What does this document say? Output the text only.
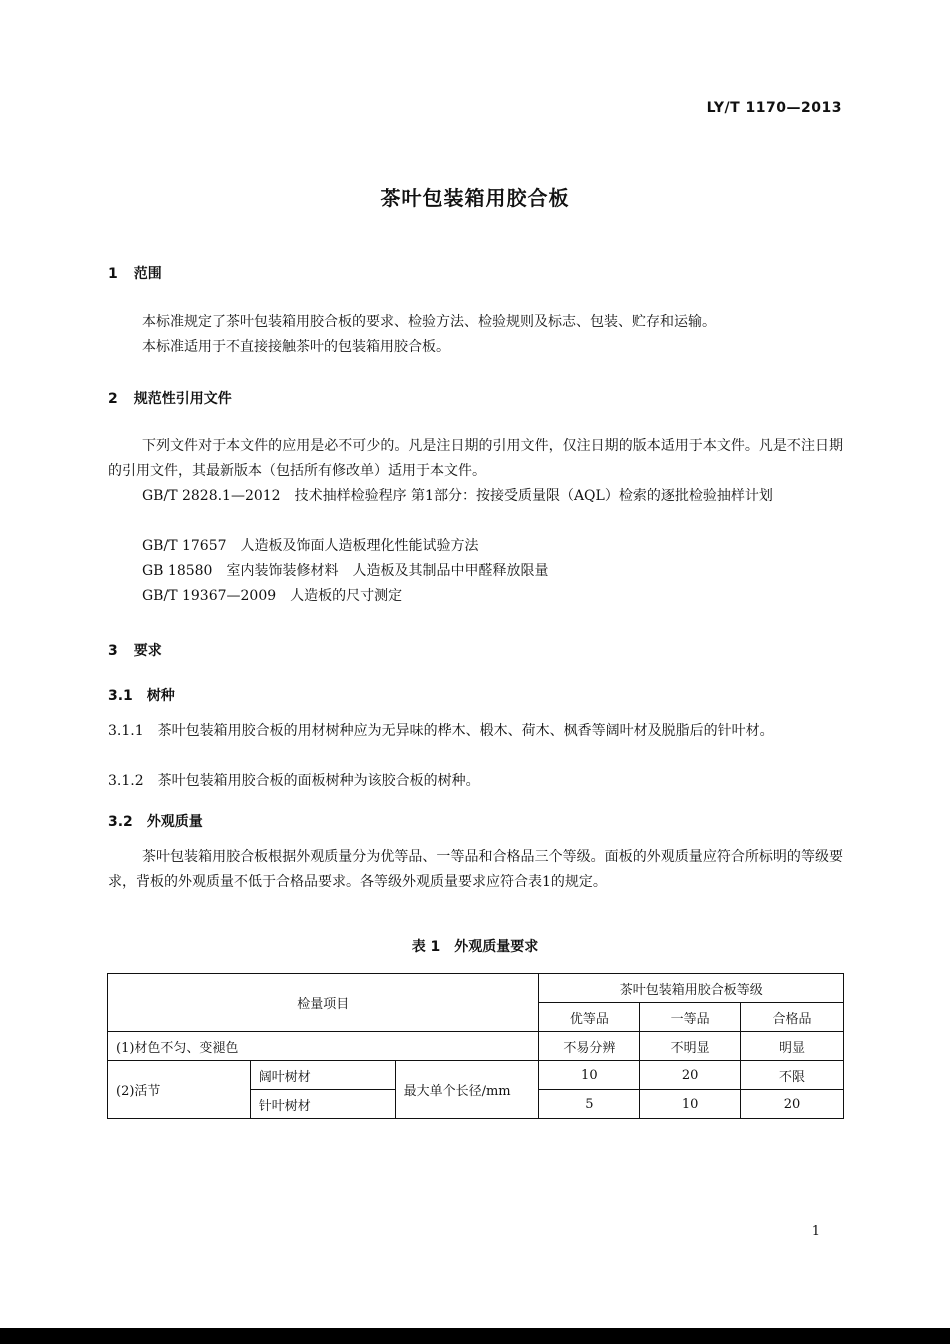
LY/T 1170—2013
茶叶包装箱用胶合板
1 范围
本标准规定了茶叶包装箱用胶合板的要求、检验方法、检验规则及标志、包装、贮存和运输。
本标准适用于不直接接触茶叶的包装箱用胶合板。
2 规范性引用文件
下列文件对于本文件的应用是必不可少的。凡是注日期的引用文件，仅注日期的版本适用于本文件。凡是不注日期的引用文件，其最新版本（包括所有修改单）适用于本文件。
GB/T 2828.1—2012　技术抽样检验程序 第1部分：按接受质量限（AQL）检索的逐批检验抽样计划
GB/T 17657　人造板及饰面人造板理化性能试验方法
GB 18580　室内装饰装修材料　人造板及其制品中甲醛释放限量
GB/T 19367—2009　人造板的尺寸测定
3 要求
3.1 树种
3.1.1　茶叶包装箱用胶合板的用材树种应为无异味的桦木、椴木、荷木、枫香等阔叶材及脱脂后的针叶材。
3.1.2　茶叶包装箱用胶合板的面板树种为该胶合板的树种。
3.2 外观质量
茶叶包装箱用胶合板根据外观质量分为优等品、一等品和合格品三个等级。面板的外观质量应符合所标明的等级要求，背板的外观质量不低于合格品要求。各等级外观质量要求应符合表1的规定。
表 1　外观质量要求
检量项目			茶叶包装箱用胶合板等级		
			优等品	一等品	合格品
(1)材色不匀、变褪色			不易分辨	不明显	明显
(2)活节	阔叶树材	最大单个长径/mm	10	20	不限
	针叶树材		5	10	20
1
